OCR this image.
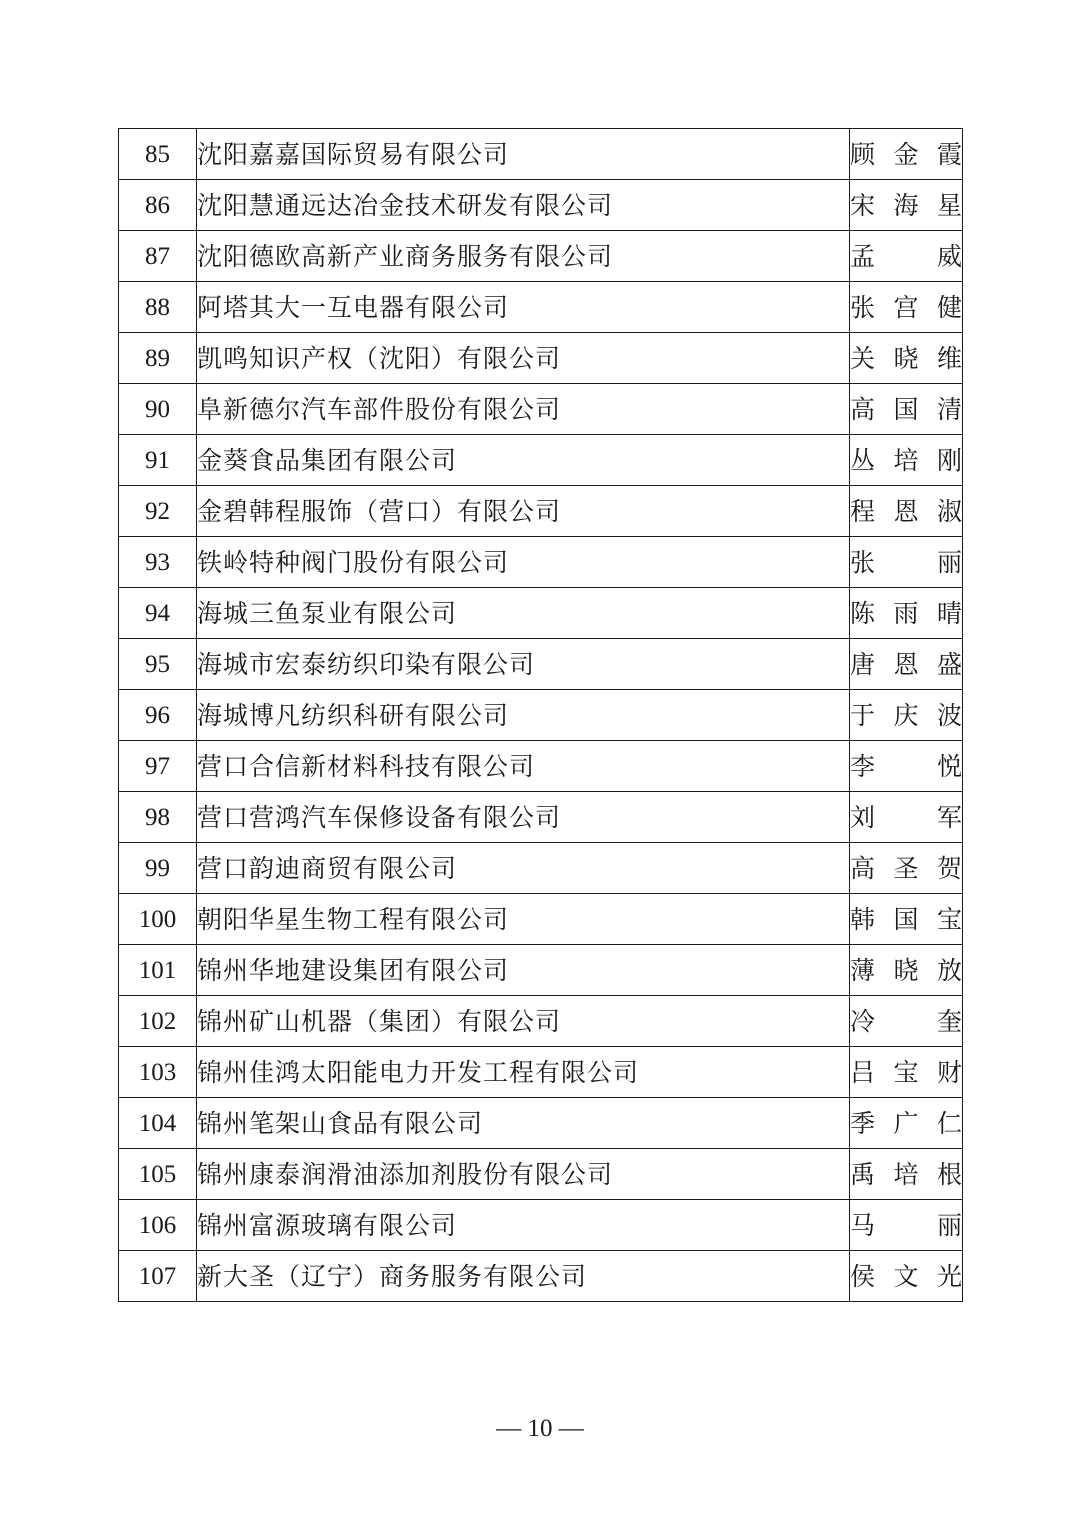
85	沈阳嘉嘉国际贸易有限公司	顾 金 霞

86	沈阳慧通远达冶金技术研发有限公司	宋 海 星

87	沈阳德欧高新产业商务服务有限公司	孟 威

88	阿塔其大一互电器有限公司	张 宫 健

89	凯鸣知识产权（沈阳）有限公司	关 晓 维

90	阜新德尔汽车部件股份有限公司	高 国 清

91	金葵食品集团有限公司	丛 培 刚

92	金碧韩程服饰（营口）有限公司	程 恩 淑

93	铁岭特种阀门股份有限公司	张 丽

94	海城三鱼泵业有限公司	陈 雨 晴

95	海城市宏泰纺织印染有限公司	唐 恩 盛

96	海城博凡纺织科研有限公司	于 庆 波

97	营口合信新材料科技有限公司	李 悦

98	营口营鸿汽车保修设备有限公司	刘 军

99	营口韵迪商贸有限公司	高 圣 贺

100	朝阳华星生物工程有限公司	韩 国 宝

101	锦州华地建设集团有限公司	薄 晓 放

102	锦州矿山机器（集团）有限公司	冷 奎

103	锦州佳鸿太阳能电力开发工程有限公司	吕 宝 财

104	锦州笔架山食品有限公司	季 广 仁

105	锦州康泰润滑油添加剂股份有限公司	禹 培 根

106	锦州富源玻璃有限公司	马 丽

107	新大圣（辽宁）商务服务有限公司	侯 文 光
— 10 —
